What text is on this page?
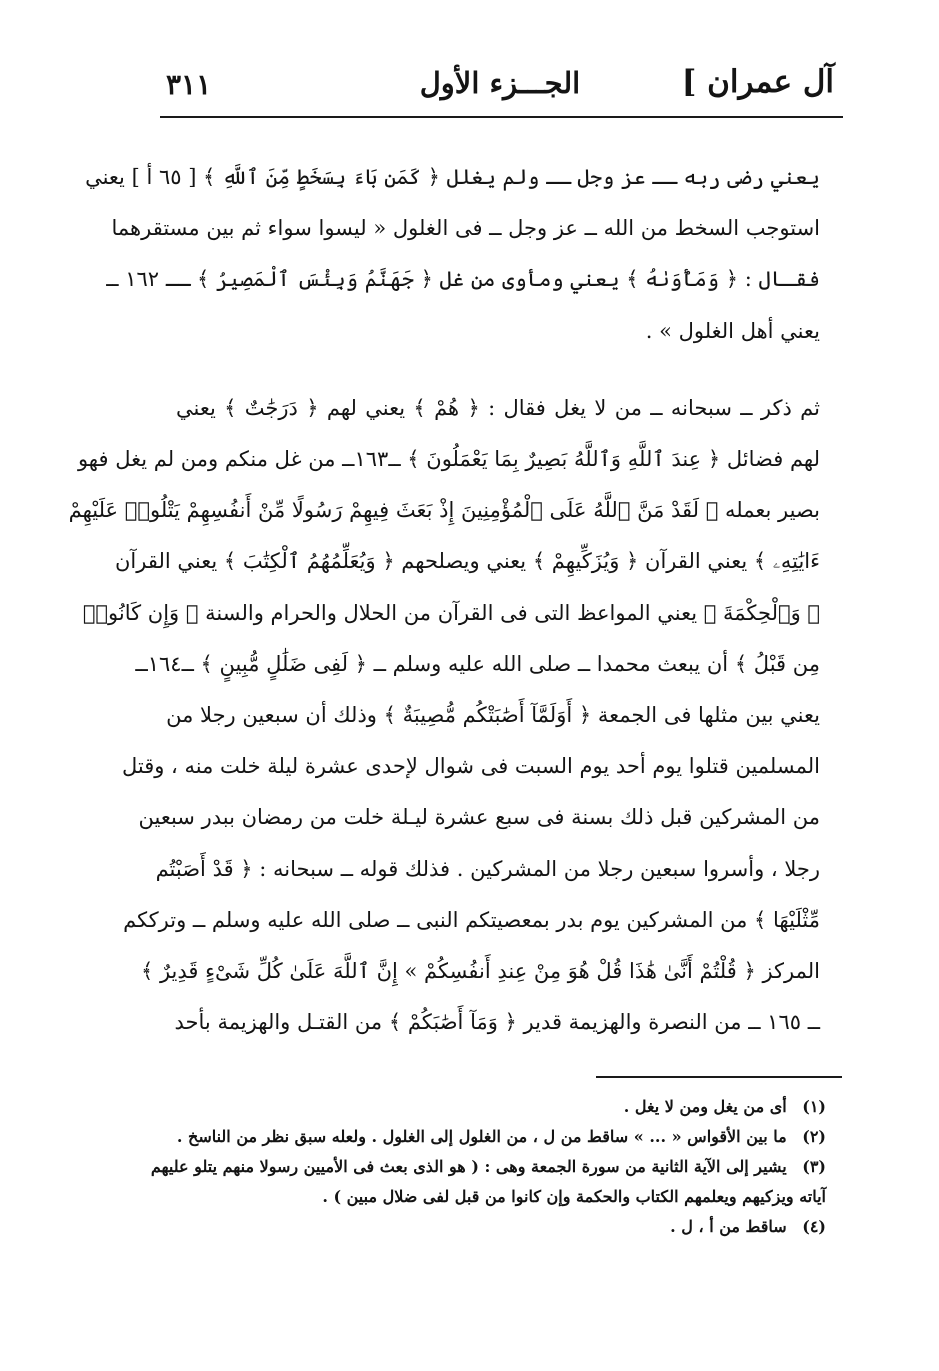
آل عمران ]
الجـــزء الأول
٣١١
يعني رضى ربه ــ عز وجل ــ ولم يغلل ﴿ كَمَن بَاءَ بِسَخَطٍ مِّنَ ٱللَّهِ ﴾ [ ٦٥ أ ] يعني
استوجب السخط من الله ــ عز وجل ــ فى الغلول « ليسوا سواء ثم بين مستقرهما
فقـال : ﴿ وَمَأْوَىٰهُ ﴾ يعني ومأوى من غل ﴿ جَهَنَّمُ وَبِئْسَ ٱلْمَصِيرُ ﴾ ــ ١٦٢ ــ
يعني أهل الغلول » .
ثم ذكر ــ سبحانه ــ من لا يغل فقال : ﴿ هُمْ ﴾ يعني لهم ﴿ دَرَجَٰتٌ ﴾ يعني
لهم فضائل ﴿ عِندَ ٱللَّهِ وَٱللَّهُ بَصِيرٌ بِمَا يَعْمَلُونَ ﴾ ــ١٦٣ــ من غل منكم ومن لم يغل فهو
بصير بعمله ﴿ لَقَدْ مَنَّ ٱللَّهُ عَلَى ٱلْمُؤْمِنِينَ إِذْ بَعَثَ فِيهِمْ رَسُولًا مِّنْ أَنفُسِهِمْ يَتْلُوا۟ عَلَيْهِمْ
ءَايَٰتِهِۦ ﴾ يعني القرآن ﴿ وَيُزَكِّيهِمْ ﴾ يعني ويصلحهم ﴿ وَيُعَلِّمُهُمُ ٱلْكِتَٰبَ ﴾ يعني القرآن
﴿ وَٱلْحِكْمَةَ ﴾ يعني المواعظ التى فى القرآن من الحلال والحرام والسنة ﴿ وَإِن كَانُوا۟
مِن قَبْلُ ﴾ أن يبعث محمدا ــ صلى الله عليه وسلم ــ ﴿ لَفِى ضَلَٰلٍ مُّبِينٍ ﴾ ــ١٦٤ــ
يعني بين مثلها فى الجمعة ﴿ أَوَلَمَّآ أَصَٰبَتْكُم مُّصِيبَةٌ ﴾ وذلك أن سبعين رجلا من
المسلمين قتلوا يوم أحد يوم السبت فى شوال لإحدى عشرة ليلة خلت منه ، وقتل
من المشركين قبل ذلك بسنة فى سبع عشرة ليـلة خلت من رمضان ببدر سبعين
رجلا ، وأسروا سبعين رجلا من المشركين . فذلك قوله ــ سبحانه : ﴿ قَدْ أَصَبْتُم
مِّثْلَيْهَا ﴾ من المشركين يوم بدر بمعصيتكم النبى ــ صلى الله عليه وسلم ــ وترككم
المركز ﴿ قُلْتُمْ أَنَّىٰ هَٰذَا قُلْ هُوَ مِنْ عِندِ أَنفُسِكُمْ » إِنَّ ٱللَّهَ عَلَىٰ كُلِّ شَىْءٍ قَدِيرٌ ﴾
ــ ١٦٥ ــ من النصرة والهزيمة قدير ﴿ وَمَآ أَصَٰبَكُمْ ﴾ من القتـل والهزيمة بأحد
(١) أى من يغل ومن لا يغل .
(٢) ما بين الأقواس « ... » ساقط من ل ، من الغلول إلى الغلول . ولعله سبق نظر من الناسخ .
(٣) يشير إلى الآية الثانية من سورة الجمعة وهى : ( هو الذى بعث فى الأميين رسولا منهم يتلو عليهم
آياته ويزكيهم ويعلمهم الكتاب والحكمة وإن كانوا من قبل لفى ضلال مبين ) .
(٤) ساقط من أ ، ل .
